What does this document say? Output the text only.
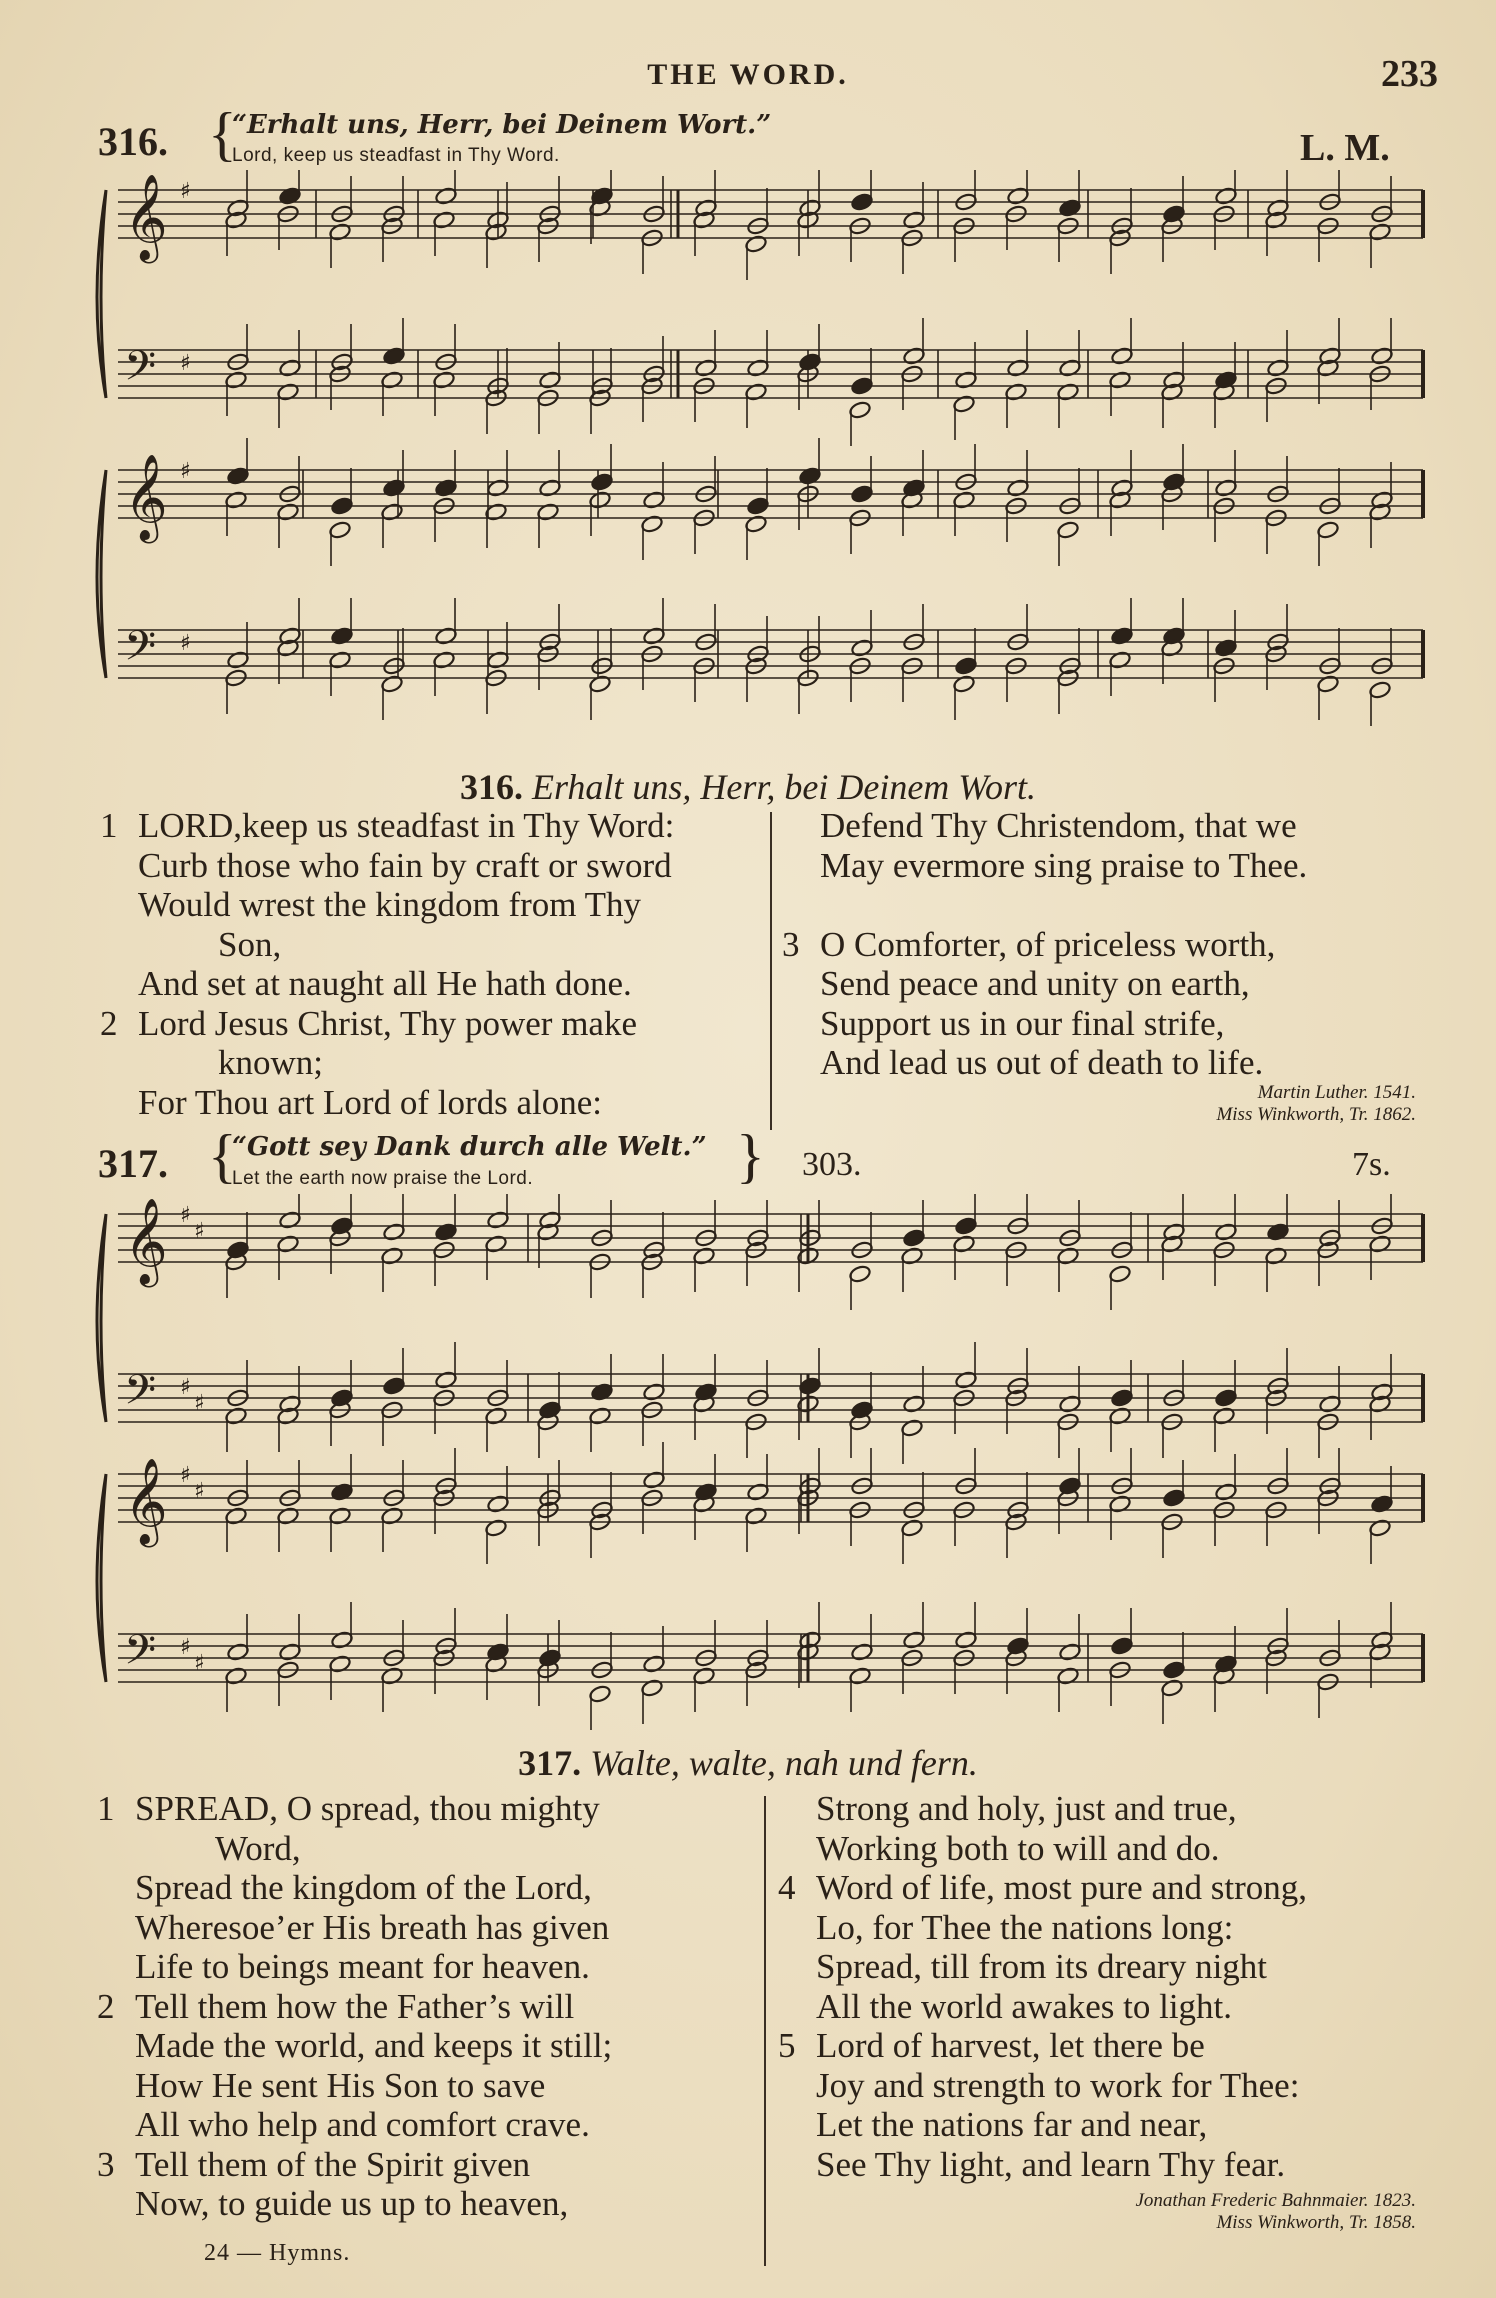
THE WORD.	233
316. {
“Erhalt uns, Herr, bei Deinem Wort.”
Lord, keep us steadfast in Thy Word.	L. M.
𝄞 ♯
𝄢 ♯
𝄞 ♯
𝄢 ♯
316. Erhalt uns, Herr, bei Deinem Wort.
1 LORD,keep us steadfast in Thy Word:
Curb those who fain by craft or sword
Would wrest the kingdom from Thy
Son,
And set at naught all He hath done.
2 Lord Jesus Christ, Thy power make
known;
For Thou art Lord of lords alone:
Defend Thy Christendom, that we
May evermore sing praise to Thee.

3 O Comforter, of priceless worth,
Send peace and unity on earth,
Support us in our final strife,
And lead us out of death to life.
Martin Luther. 1541.
Miss Winkworth, Tr. 1862.
317. {
“Gott sey Dank durch alle Welt.”
Let the earth now praise the Lord.	} 303.	7s.
𝄞 ♯
♯
𝄢 ♯
♯
𝄞 ♯
♯
𝄢 ♯
♯
317. Walte, walte, nah und fern.
1 SPREAD, O spread, thou mighty
Word,
Spread the kingdom of the Lord,
Wheresoe’er His breath has given
Life to beings meant for heaven.
2 Tell them how the Father’s will
Made the world, and keeps it still;
How He sent His Son to save
All who help and comfort crave.
3 Tell them of the Spirit given
Now, to guide us up to heaven,
Strong and holy, just and true,
Working both to will and do.
4 Word of life, most pure and strong,
Lo, for Thee the nations long:
Spread, till from its dreary night
All the world awakes to light.
5 Lord of harvest, let there be
Joy and strength to work for Thee:
Let the nations far and near,
See Thy light, and learn Thy fear.
Jonathan Frederic Bahnmaier. 1823.
Miss Winkworth, Tr. 1858.
24 — Hymns.
